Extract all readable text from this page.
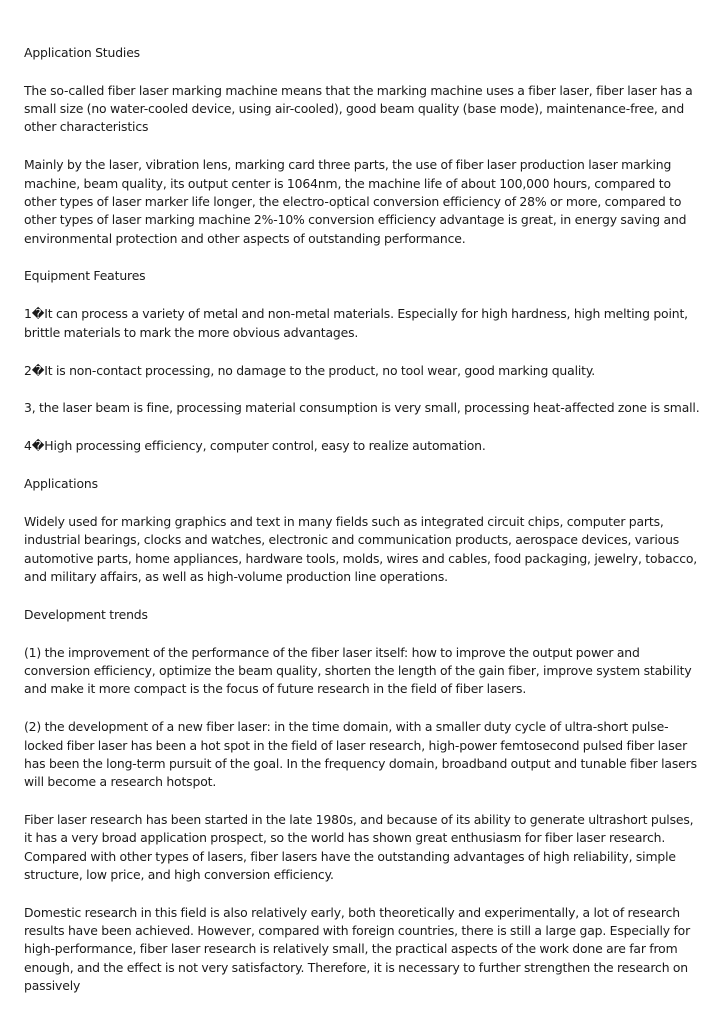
Application Studies

The so-called fiber laser marking machine means that the marking machine uses a fiber laser, fiber laser has a small size (no water-cooled device, using air-cooled), good beam quality (base mode), maintenance-free, and other characteristics

Mainly by the laser, vibration lens, marking card three parts, the use of fiber laser production laser marking machine, beam quality, its output center is 1064nm, the machine life of about 100,000 hours, compared to other types of laser marker life longer, the electro-optical conversion efficiency of 28% or more, compared to other types of laser marking machine 2%-10% conversion efficiency advantage is great, in energy saving and environmental protection and other aspects of outstanding performance.

Equipment Features

1�It can process a variety of metal and non-metal materials. Especially for high hardness, high melting point, brittle materials to mark the more obvious advantages.

2�It is non-contact processing, no damage to the product, no tool wear, good marking quality.

3, the laser beam is fine, processing material consumption is very small, processing heat-affected zone is small.

4�High processing efficiency, computer control, easy to realize automation.

Applications

Widely used for marking graphics and text in many fields such as integrated circuit chips, computer parts, industrial bearings, clocks and watches, electronic and communication products, aerospace devices, various automotive parts, home appliances, hardware tools, molds, wires and cables, food packaging, jewelry, tobacco, and military affairs, as well as high-volume production line operations.

Development trends

(1) the improvement of the performance of the fiber laser itself: how to improve the output power and conversion efficiency, optimize the beam quality, shorten the length of the gain fiber, improve system stability and make it more compact is the focus of future research in the field of fiber lasers.

(2) the development of a new fiber laser: in the time domain, with a smaller duty cycle of ultra-short pulse-locked fiber laser has been a hot spot in the field of laser research, high-power femtosecond pulsed fiber laser has been the long-term pursuit of the goal. In the frequency domain, broadband output and tunable fiber lasers will become a research hotspot.

Fiber laser research has been started in the late 1980s, and because of its ability to generate ultrashort pulses, it has a very broad application prospect, so the world has shown great enthusiasm for fiber laser research. Compared with other types of lasers, fiber lasers have the outstanding advantages of high reliability, simple structure, low price, and high conversion efficiency.

Domestic research in this field is also relatively early, both theoretically and experimentally, a lot of research results have been achieved. However, compared with foreign countries, there is still a large gap. Especially for high-performance, fiber laser research is relatively small, the practical aspects of the work done are far from enough, and the effect is not very satisfactory. Therefore, it is necessary to further strengthen the research on passively
